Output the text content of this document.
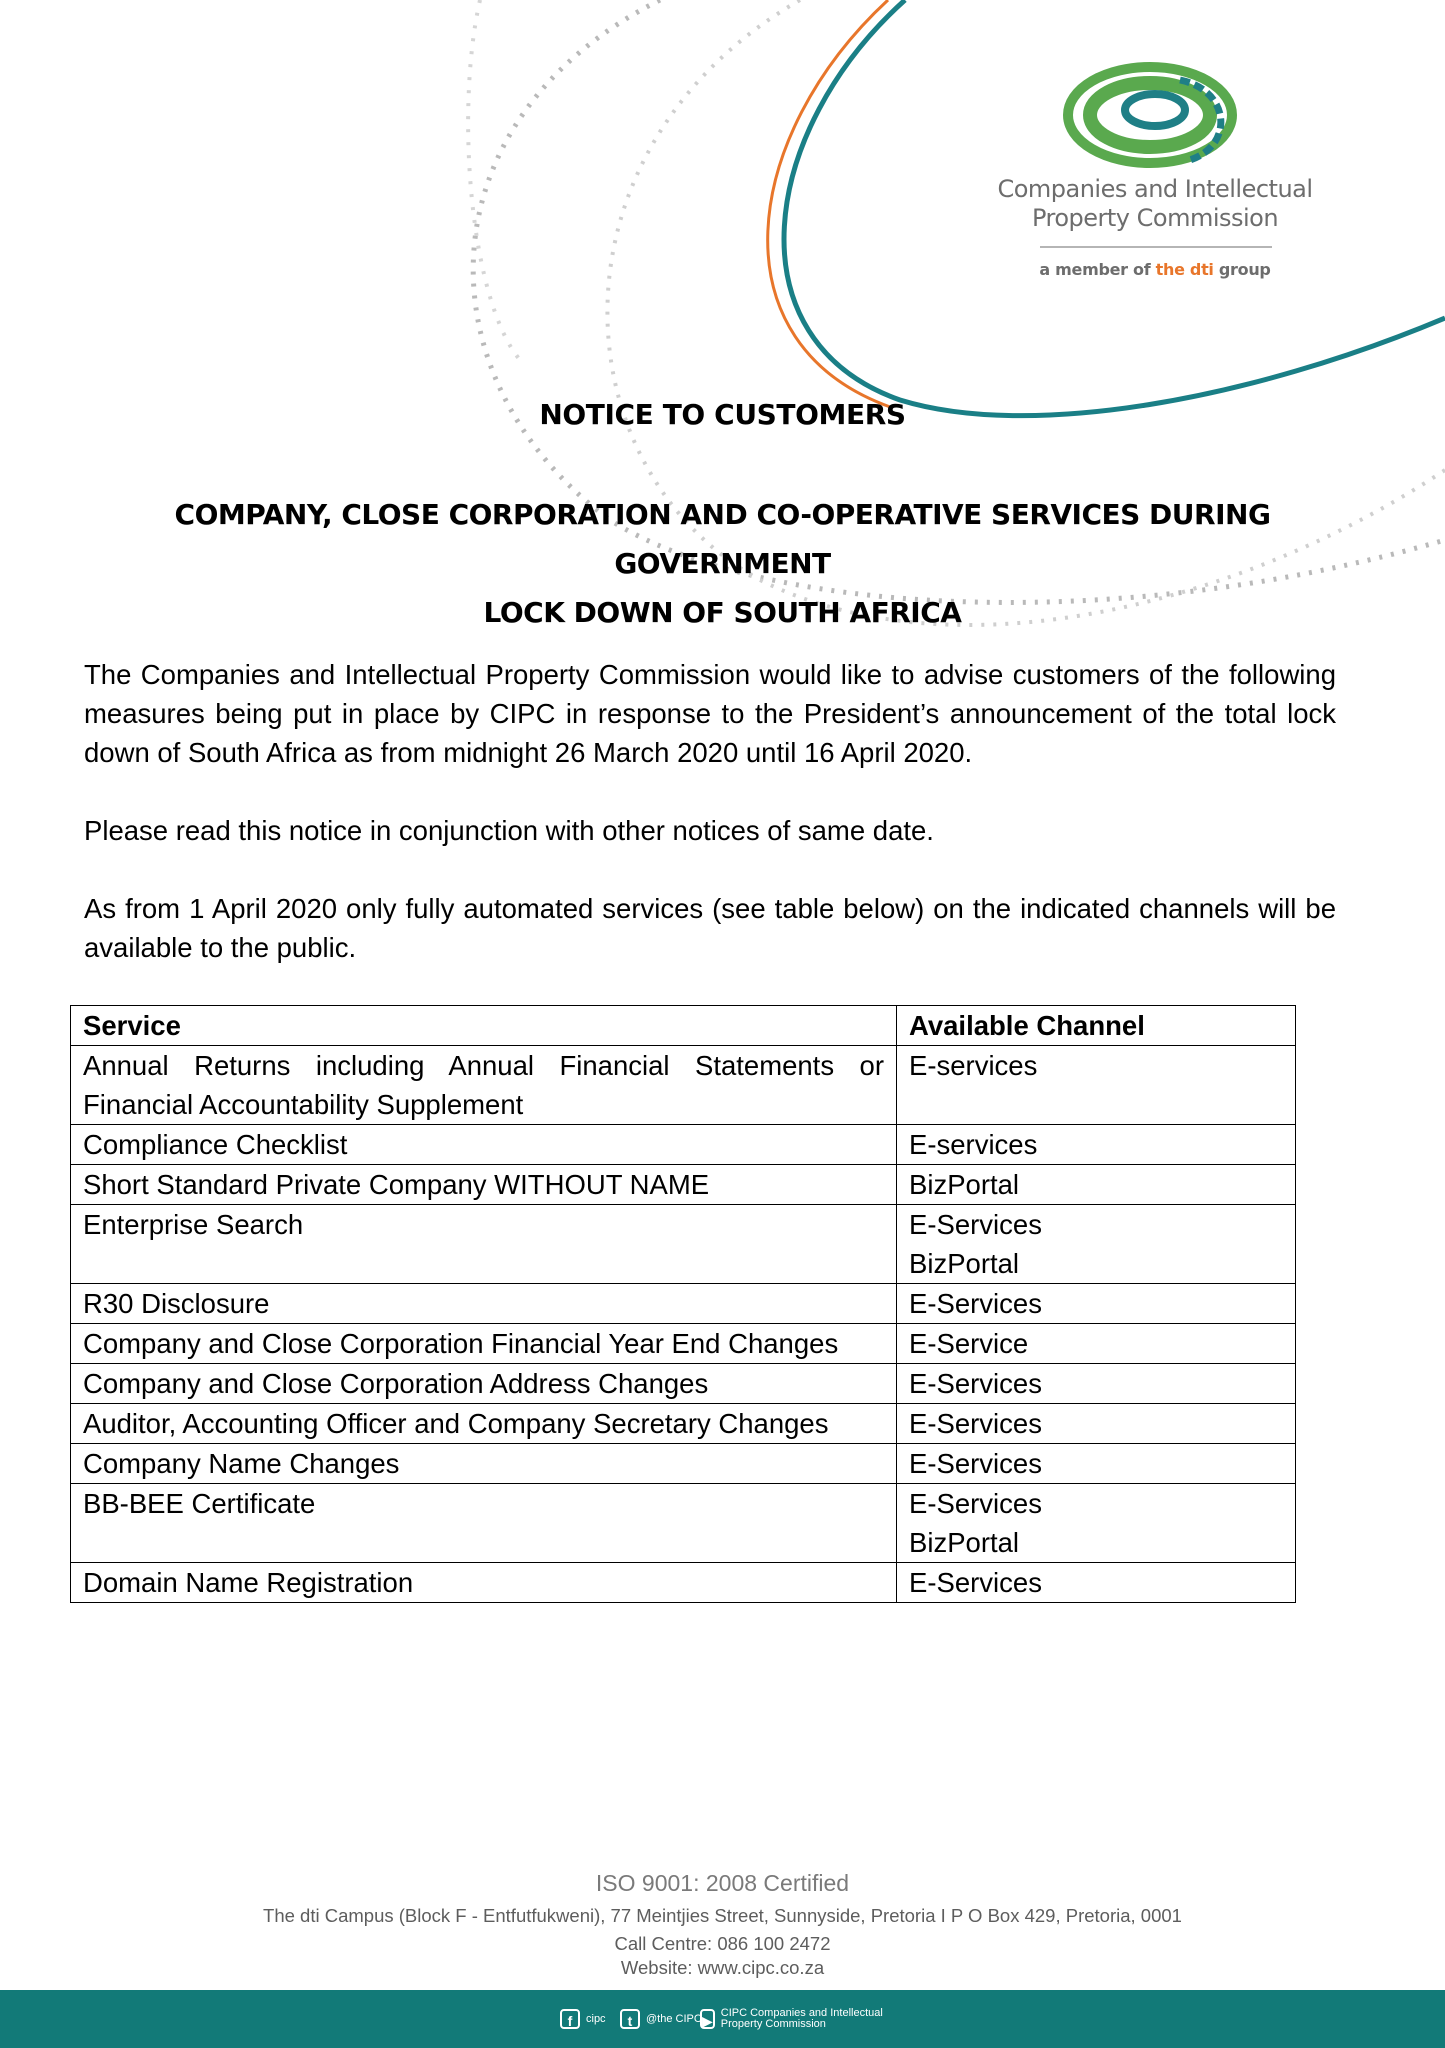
Companies and Intellectual
Property Commission
a member of the dti group
NOTICE TO CUSTOMERS
COMPANY, CLOSE CORPORATION AND CO-OPERATIVE SERVICES DURING GOVERNMENT
LOCK DOWN OF SOUTH AFRICA

The Companies and Intellectual Property Commission would like to advise customers of the following measures being put in place by CIPC in response to the President’s announcement of the total lock down of South Africa as from midnight 26 March 2020 until 16 April 2020.

Please read this notice in conjunction with other notices of same date.

As from 1 April 2020 only fully automated services (see table below) on the indicated channels will be available to the public.

Service	Available Channel
Annual Returns including Annual Financial Statements or Financial Accountability Supplement	E-services

Compliance Checklist	E-services

Short Standard Private Company WITHOUT NAME	BizPortal

Enterprise Search	E-Services
BizPortal

R30 Disclosure	E-Services

Company and Close Corporation Financial Year End Changes	E-Service

Company and Close Corporation Address Changes	E-Services

Auditor, Accounting Officer and Company Secretary Changes	E-Services

Company Name Changes	E-Services

BB-BEE Certificate	E-Services
BizPortal

Domain Name Registration	E-Services
ISO 9001: 2008 Certified
The dti Campus (Block F - Entfutfukweni), 77 Meintjies Street, Sunnyside, Pretoria I P O Box 429, Pretoria, 0001
Call Centre: 086 100 2472
Website: www.cipc.co.za
f	cipc	t	@the CIPC ▶ CIPC Companies and Intellectual Property Commission
